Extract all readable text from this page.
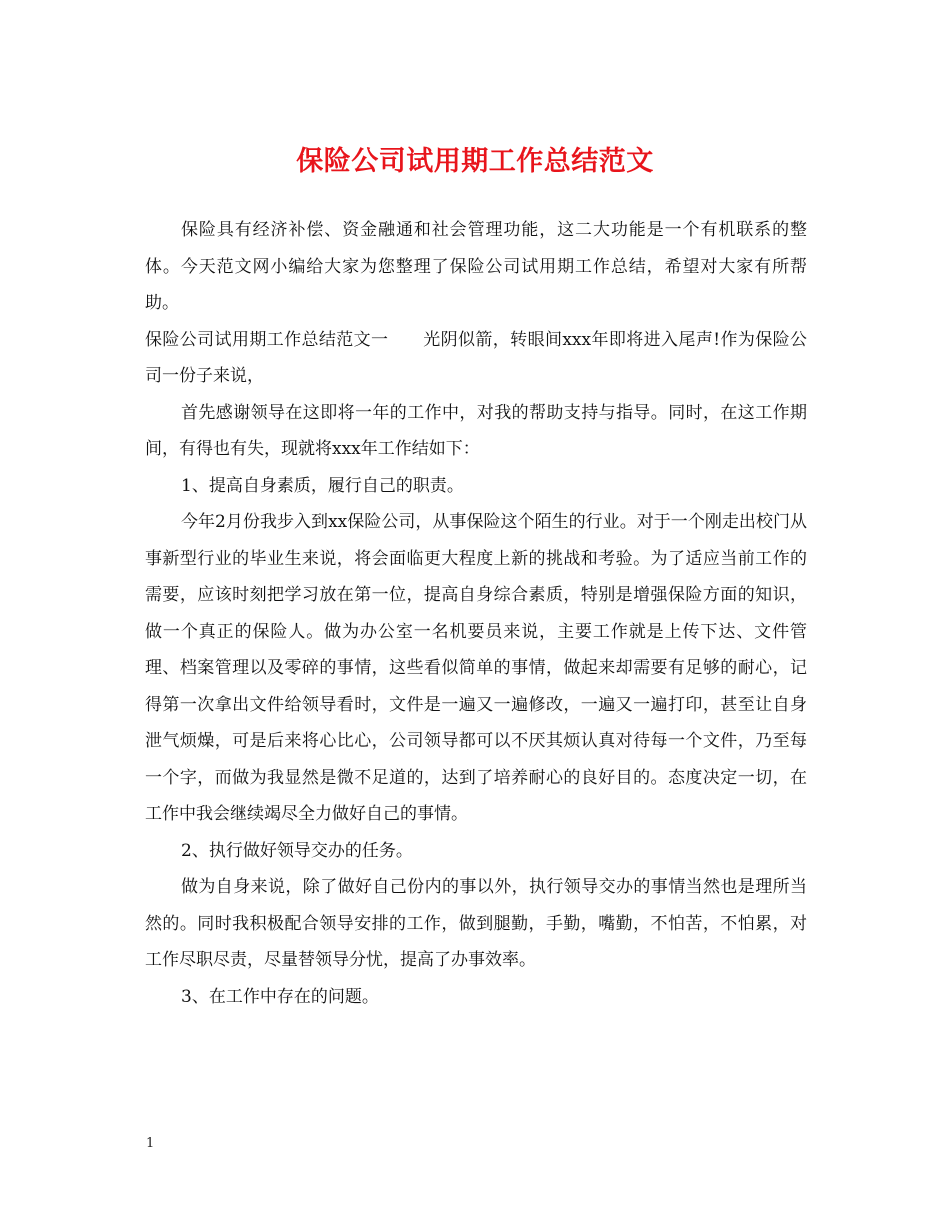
保险公司试用期工作总结范文

保险具有经济补偿、资金融通和社会管理功能，这二大功能是一个有机联系的整体。今天范文网小编给大家为您整理了保险公司试用期工作总结，希望对大家有所帮助。

保险公司试用期工作总结范文一　　光阴似箭，转眼间xxx年即将进入尾声!作为保险公司一份子来说，

首先感谢领导在这即将一年的工作中，对我的帮助支持与指导。同时，在这工作期间，有得也有失，现就将xxx年工作结如下：

1、提高自身素质，履行自己的职责。

今年2月份我步入到xx保险公司，从事保险这个陌生的行业。对于一个刚走出校门从事新型行业的毕业生来说，将会面临更大程度上新的挑战和考验。为了适应当前工作的需要，应该时刻把学习放在第一位，提高自身综合素质，特别是增强保险方面的知识，做一个真正的保险人。做为办公室一名机要员来说，主要工作就是上传下达、文件管理、档案管理以及零碎的事情，这些看似简单的事情，做起来却需要有足够的耐心，记得第一次拿出文件给领导看时，文件是一遍又一遍修改，一遍又一遍打印，甚至让自身泄气烦燥，可是后来将心比心，公司领导都可以不厌其烦认真对待每一个文件，乃至每一个字，而做为我显然是微不足道的，达到了培养耐心的良好目的。态度决定一切，在工作中我会继续竭尽全力做好自己的事情。

2、执行做好领导交办的任务。

做为自身来说，除了做好自己份内的事以外，执行领导交办的事情当然也是理所当然的。同时我积极配合领导安排的工作，做到腿勤，手勤，嘴勤，不怕苦，不怕累，对工作尽职尽责，尽量替领导分忧，提高了办事效率。

3、在工作中存在的问题。

1
